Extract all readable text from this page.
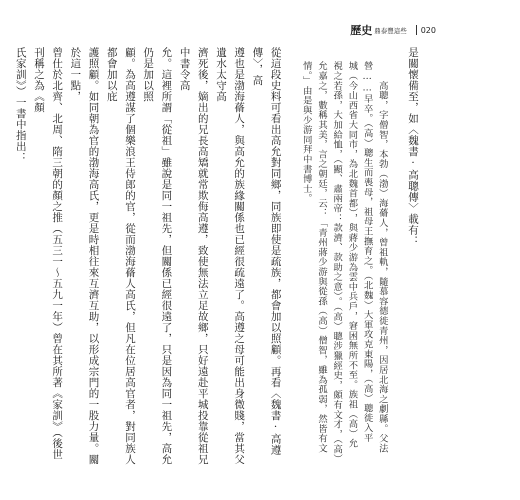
歷史 鼎泰豐這些 020

是關懷備至，如〈魏書·高聰傳〉載有：

　　高聰，字僧智，本勃（渤）海蓨人，曾祖軌，隨慕容德徙青州，因居北海之劇縣。父法

營……早卒。（高）聰生而喪母，祖母王撫育之。（北魏）大軍攻克東陽，（高）聰徙入平

城（今山西省大同市，為北魏首都），與蔣少游為雲中兵戶，窘困無所不至。族祖（高）允

視之若孫，大加給恤，（顯、肅兩帝：款濟、款助之意）。（高）聰涉獵經史，頗有文才，（高）

允嘉之，數稱其美，言之朝廷，云：「青州蔣少游與從孫（高）僧智，雖為孤弱，然皆有文

情。」由是與少游同拜中書博士。

從這段史料可看出高允對同鄉，同族即使是疏族，都會加以照顧。再看〈魏書·高遵傳〉，高

遵也是渤海蓨人，與高允的族緣關係也已經很疏遠了。高遵之母可能出身微賤，當其父遺水太守高

濟死後，嫡出的兄長高矯就常欺侮高遵，致使無法立足故鄉，只好遠赴平城投靠從祖兄中書令高

允。這裡所謂「從祖」雖說是同一祖先，但關係已經很遠了，只是因為同一祖先，高允仍是加以照

顧。為高遵謀了個樂浪王侍郎的官，從而渤海蓨人高氏，但凡在位居高官者，對同族人都會加以庇

護照顧。如同朝為官的渤海高氏，更是時相往來互濟互助，以形成宗門的一股力量。關於這一點，

曾仕於北齊、北周、隋三朝的顏之推（五三一～五九一年）曾在其所著《家訓》（後世刊稱之為《顏

氏家訓》）一書中指出：
